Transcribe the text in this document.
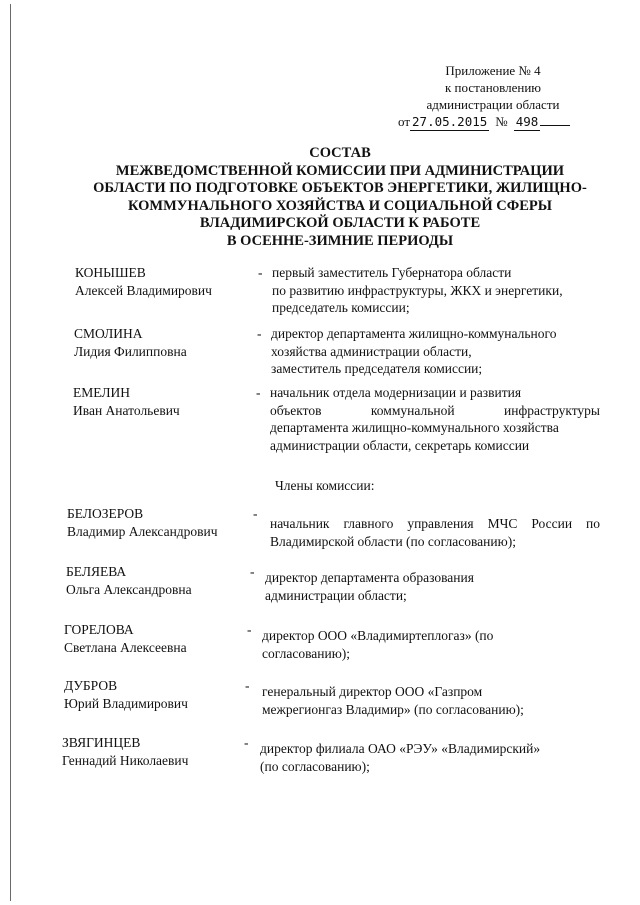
Приложение № 4
к постановлению
администрации области
от 27.05.2015 № 498
СОСТАВ
МЕЖВЕДОМСТВЕННОЙ КОМИССИИ ПРИ АДМИНИСТРАЦИИ
ОБЛАСТИ ПО ПОДГОТОВКЕ ОБЪЕКТОВ ЭНЕРГЕТИКИ, ЖИЛИЩНО-
КОММУНАЛЬНОГО ХОЗЯЙСТВА И СОЦИАЛЬНОЙ СФЕРЫ
ВЛАДИМИРСКОЙ ОБЛАСТИ К РАБОТЕ
В ОСЕННЕ-ЗИМНИЕ ПЕРИОДЫ
КОНЫШЕВ
Алексей Владимирович
- первый заместитель Губернатора области
по развитию инфраструктуры, ЖКХ и энергетики,
председатель комиссии;
СМОЛИНА
Лидия Филипповна
- директор департамента жилищно-коммунального
хозяйства администрации области,
заместитель председателя комиссии;
ЕМЕЛИН
Иван Анатольевич
- начальник отдела модернизации и развития
объектов коммунальной инфраструктуры
департамента жилищно-коммунального хозяйства
администрации области, секретарь комиссии
Члены комиссии:
БЕЛОЗЕРОВ
Владимир Александрович
-
начальник главного управления МЧС России по
Владимирской области (по согласованию);
БЕЛЯЕВА
Ольга Александровна
- директор департамента образования
администрации области;
ГОРЕЛОВА
Светлана Алексеевна
- директор ООО «Владимиртеплогаз» (по
согласованию);
ДУБРОВ
Юрий Владимирович
- генеральный директор ООО «Газпром
межрегионгаз Владимир» (по согласованию);
ЗВЯГИНЦЕВ
Геннадий Николаевич
- директор филиала ОАО «РЭУ» «Владимирский»
(по согласованию);
